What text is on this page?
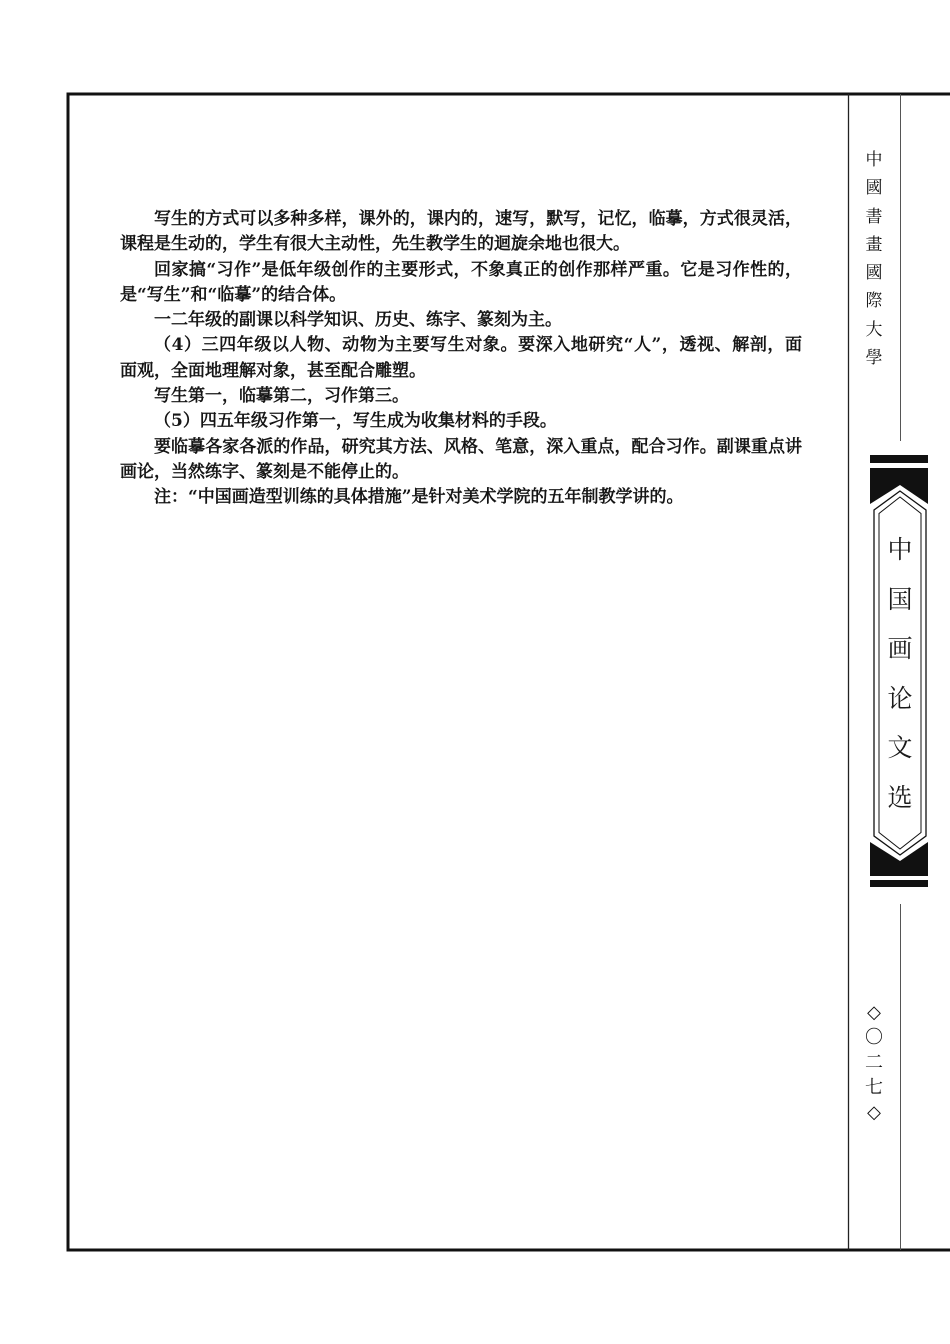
中國書畫國際大學
中国画论文选
◇〇二七◇
写生的方式可以多种多样，课外的，课内的，速写，默写，记忆，临摹，方式很灵活，
课程是生动的，学生有很大主动性，先生教学生的迴旋余地也很大。
回家搞“习作”是低年级创作的主要形式，不象真正的创作那样严重。它是习作性的，
是“写生”和“临摹”的结合体。
一二年级的副课以科学知识、历史、练字、篆刻为主。
（4）三四年级以人物、动物为主要写生对象。要深入地研究“人”，透视、解剖，面
面观，全面地理解对象，甚至配合雕塑。
写生第一，临摹第二，习作第三。
（5）四五年级习作第一，写生成为收集材料的手段。
要临摹各家各派的作品，研究其方法、风格、笔意，深入重点，配合习作。副课重点讲
画论，当然练字、篆刻是不能停止的。
注：“中国画造型训练的具体措施”是针对美术学院的五年制教学讲的。
